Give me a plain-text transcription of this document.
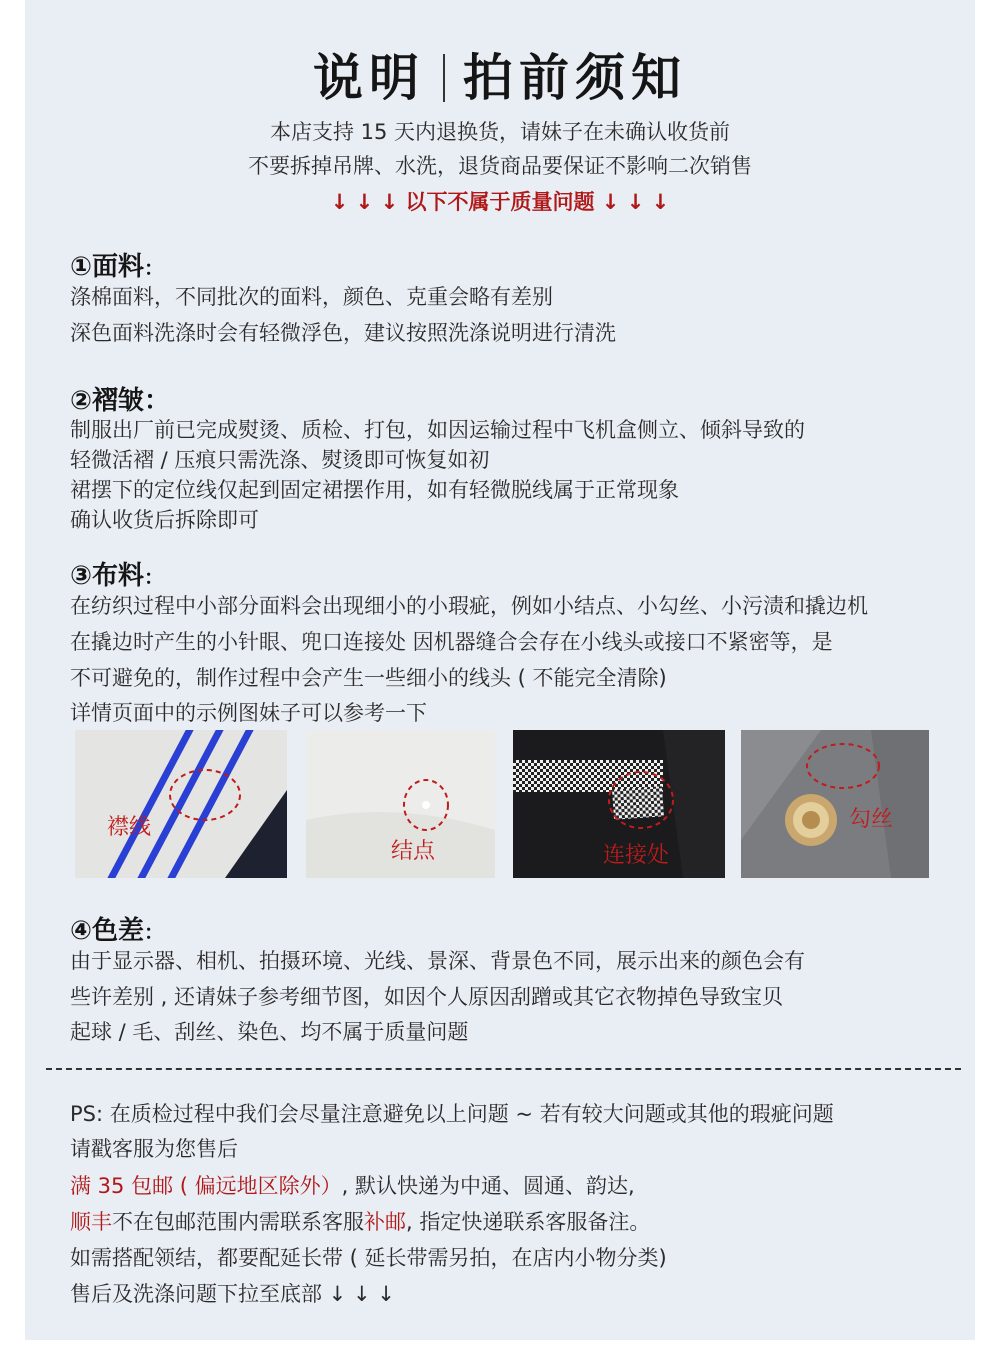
说明 拍前须知
本店支持 15 天内退换货，请妹子在未确认收货前
不要拆掉吊牌、水洗，退货商品要保证不影响二次销售
↓ ↓ ↓ 以下不属于质量问题 ↓ ↓ ↓
①面料：
涤棉面料，不同批次的面料，颜色、克重会略有差别
深色面料洗涤时会有轻微浮色，建议按照洗涤说明进行清洗
②褶皱：
制服出厂前已完成熨烫、质检、打包，如因运输过程中飞机盒侧立、倾斜导致的
轻微活褶 / 压痕只需洗涤、熨烫即可恢复如初
裙摆下的定位线仅起到固定裙摆作用，如有轻微脱线属于正常现象
确认收货后拆除即可
③布料：
在纺织过程中小部分面料会出现细小的小瑕疵，例如小结点、小勾丝、小污渍和撬边机
在撬边时产生的小针眼、兜口连接处 因机器缝合会存在小线头或接口不紧密等，是
不可避免的，制作过程中会产生一些细小的线头 ( 不能完全清除)
详情页面中的示例图妹子可以参考一下
襟线
结点	连接处
勾丝
④色差：
由于显示器、相机、拍摄环境、光线、景深、背景色不同，展示出来的颜色会有
些许差别 , 还请妹子参考细节图，如因个人原因刮蹭或其它衣物掉色导致宝贝
起球 / 毛、刮丝、染色、均不属于质量问题
PS: 在质检过程中我们会尽量注意避免以上问题 ~ 若有较大问题或其他的瑕疵问题
请戳客服为您售后
满 35 包邮 ( 偏远地区除外）, 默认快递为中通、圆通、韵达,
顺丰不在包邮范围内需联系客服补邮, 指定快递联系客服备注。
如需搭配领结，都要配延长带 ( 延长带需另拍，在店内小物分类)
售后及洗涤问题下拉至底部 ↓ ↓ ↓
